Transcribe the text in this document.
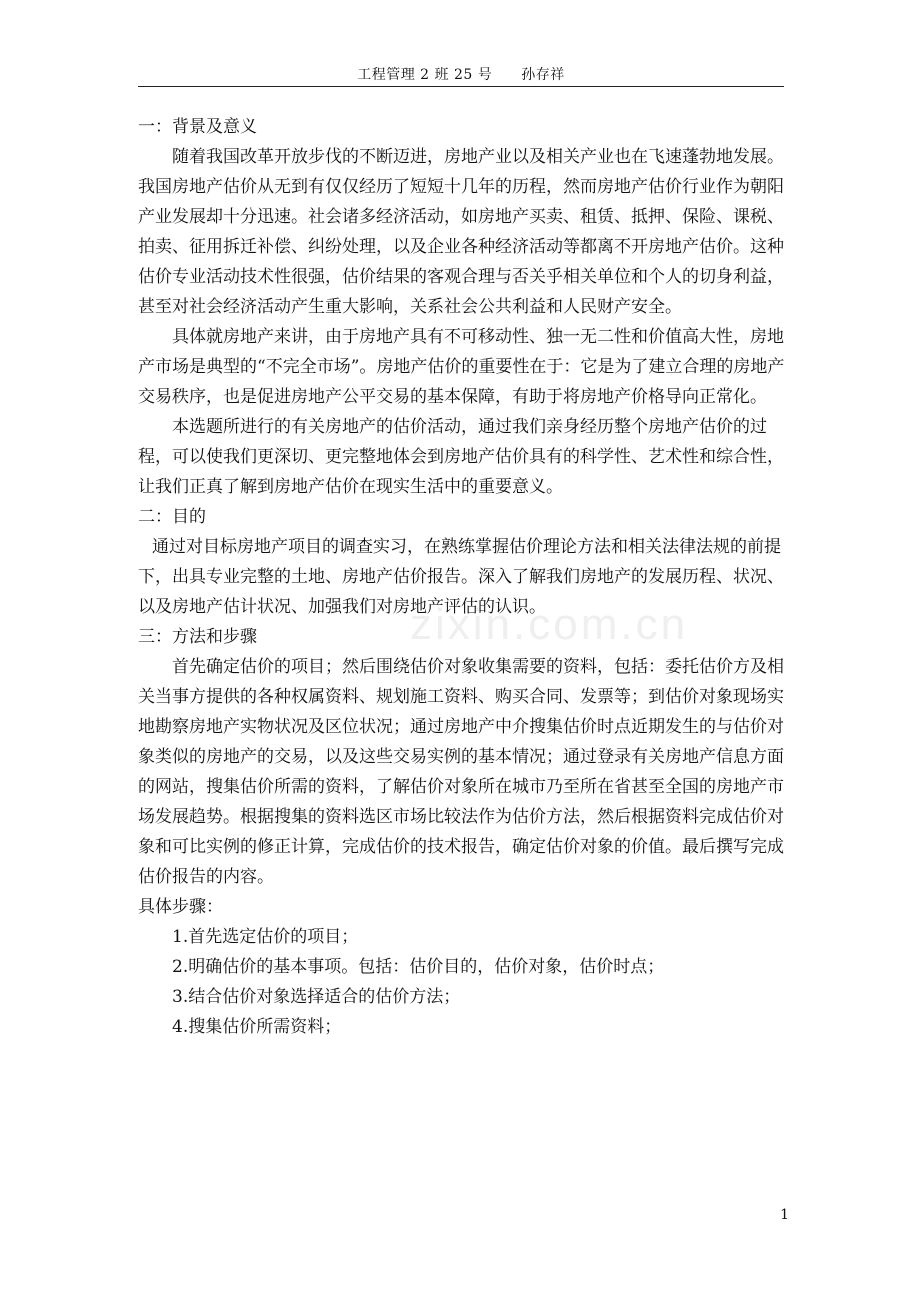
工程管理 2 班 25 号　　孙存祥
zixin.com.cn

一：背景及意义

随着我国改革开放步伐的不断迈进，房地产业以及相关产业也在飞速蓬勃地发展。我国房地产估价从无到有仅仅经历了短短十几年的历程，然而房地产估价行业作为朝阳产业发展却十分迅速。社会诸多经济活动，如房地产买卖、租赁、抵押、保险、课税、拍卖、征用拆迁补偿、纠纷处理，以及企业各种经济活动等都离不开房地产估价。这种估价专业活动技术性很强，估价结果的客观合理与否关乎相关单位和个人的切身利益，甚至对社会经济活动产生重大影响，关系社会公共利益和人民财产安全。

具体就房地产来讲，由于房地产具有不可移动性、独一无二性和价值高大性，房地产市场是典型的“不完全市场”。房地产估价的重要性在于：它是为了建立合理的房地产交易秩序，也是促进房地产公平交易的基本保障，有助于将房地产价格导向正常化。

本选题所进行的有关房地产的估价活动，通过我们亲身经历整个房地产估价的过程，可以使我们更深切、更完整地体会到房地产估价具有的科学性、艺术性和综合性，让我们正真了解到房地产估价在现实生活中的重要意义。

二：目的

通过对目标房地产项目的调查实习，在熟练掌握估价理论方法和相关法律法规的前提下，出具专业完整的土地、房地产估价报告。深入了解我们房地产的发展历程、状况、以及房地产估计状况、加强我们对房地产评估的认识。

三：方法和步骤

首先确定估价的项目；然后围绕估价对象收集需要的资料，包括：委托估价方及相关当事方提供的各种权属资料、规划施工资料、购买合同、发票等；到估价对象现场实地勘察房地产实物状况及区位状况；通过房地产中介搜集估价时点近期发生的与估价对象类似的房地产的交易，以及这些交易实例的基本情况；通过登录有关房地产信息方面的网站，搜集估价所需的资料，了解估价对象所在城市乃至所在省甚至全国的房地产市场发展趋势。根据搜集的资料选区市场比较法作为估价方法，然后根据资料完成估价对象和可比实例的修正计算，完成估价的技术报告，确定估价对象的价值。最后撰写完成估价报告的内容。

具体步骤：

1.首先选定估价的项目；

2.明确估价的基本事项。包括：估价目的，估价对象，估价时点；

3.结合估价对象选择适合的估价方法；

4.搜集估价所需资料；

1
